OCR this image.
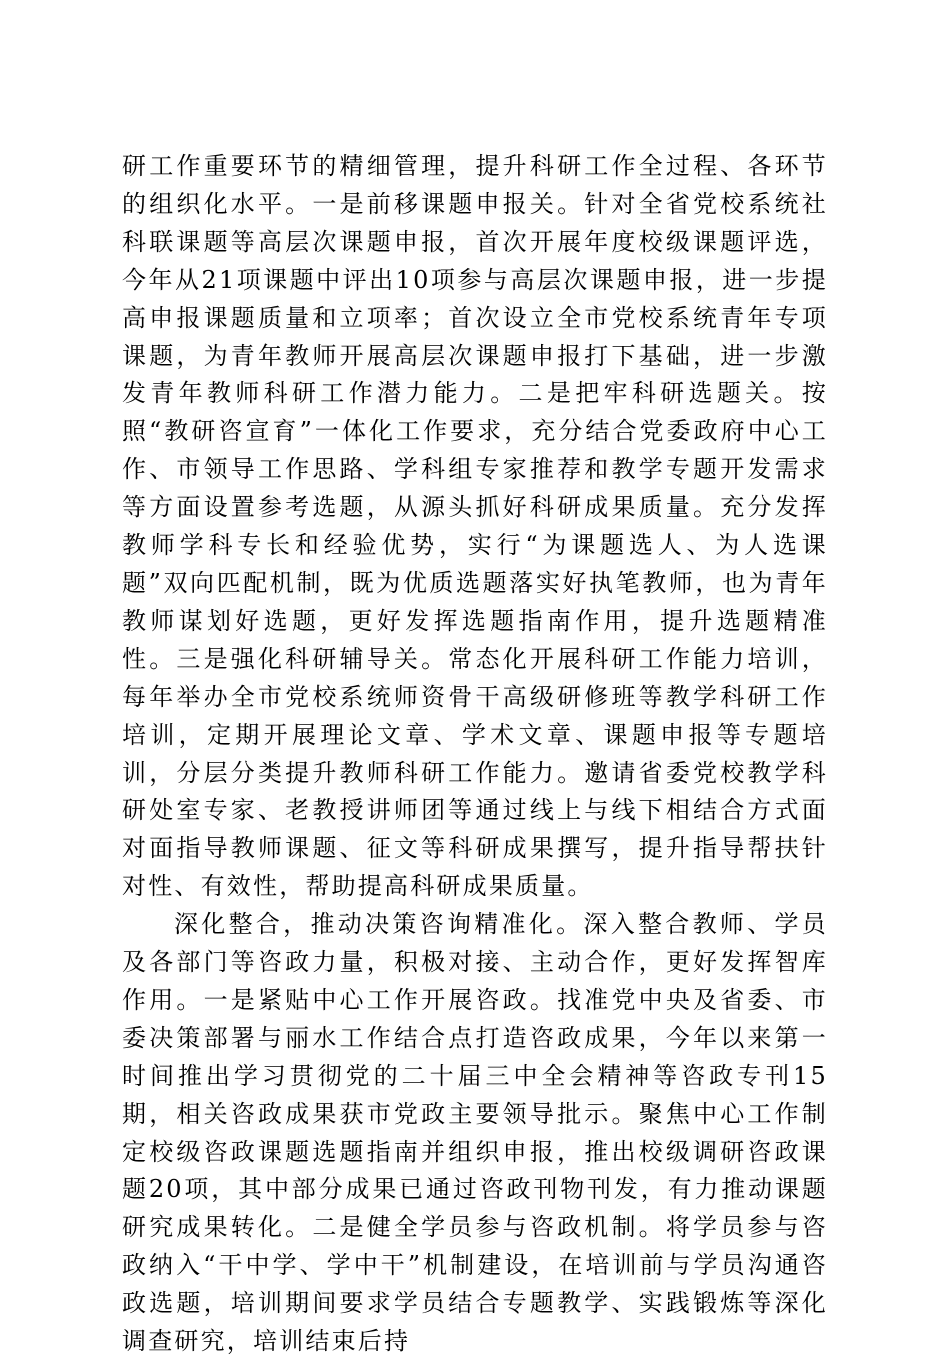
研工作重要环节的精细管理，提升科研工作全过程、各环节的组织化水平。一是前移课题申报关。针对全省党校系统社科联课题等高层次课题申报，首次开展年度校级课题评选，今年从21项课题中评出10项参与高层次课题申报，进一步提高申报课题质量和立项率；首次设立全市党校系统青年专项课题，为青年教师开展高层次课题申报打下基础，进一步激发青年教师科研工作潜力能力。二是把牢科研选题关。按照“教研咨宣育”一体化工作要求，充分结合党委政府中心工作、市领导工作思路、学科组专家推荐和教学专题开发需求等方面设置参考选题，从源头抓好科研成果质量。充分发挥教师学科专长和经验优势，实行“为课题选人、为人选课题”双向匹配机制，既为优质选题落实好执笔教师，也为青年教师谋划好选题，更好发挥选题指南作用，提升选题精准性。三是强化科研辅导关。常态化开展科研工作能力培训，每年举办全市党校系统师资骨干高级研修班等教学科研工作培训，定期开展理论文章、学术文章、课题申报等专题培训，分层分类提升教师科研工作能力。邀请省委党校教学科研处室专家、老教授讲师团等通过线上与线下相结合方式面对面指导教师课题、征文等科研成果撰写，提升指导帮扶针对性、有效性，帮助提高科研成果质量。

深化整合，推动决策咨询精准化。深入整合教师、学员及各部门等咨政力量，积极对接、主动合作，更好发挥智库作用。一是紧贴中心工作开展咨政。找准党中央及省委、市委决策部署与丽水工作结合点打造咨政成果，今年以来第一时间推出学习贯彻党的二十届三中全会精神等咨政专刊15期，相关咨政成果获市党政主要领导批示。聚焦中心工作制定校级咨政课题选题指南并组织申报，推出校级调研咨政课题20项，其中部分成果已通过咨政刊物刊发，有力推动课题研究成果转化。二是健全学员参与咨政机制。将学员参与咨政纳入“干中学、学中干”机制建设，在培训前与学员沟通咨政选题，培训期间要求学员结合专题教学、实践锻炼等深化调查研究，培训结束后持
